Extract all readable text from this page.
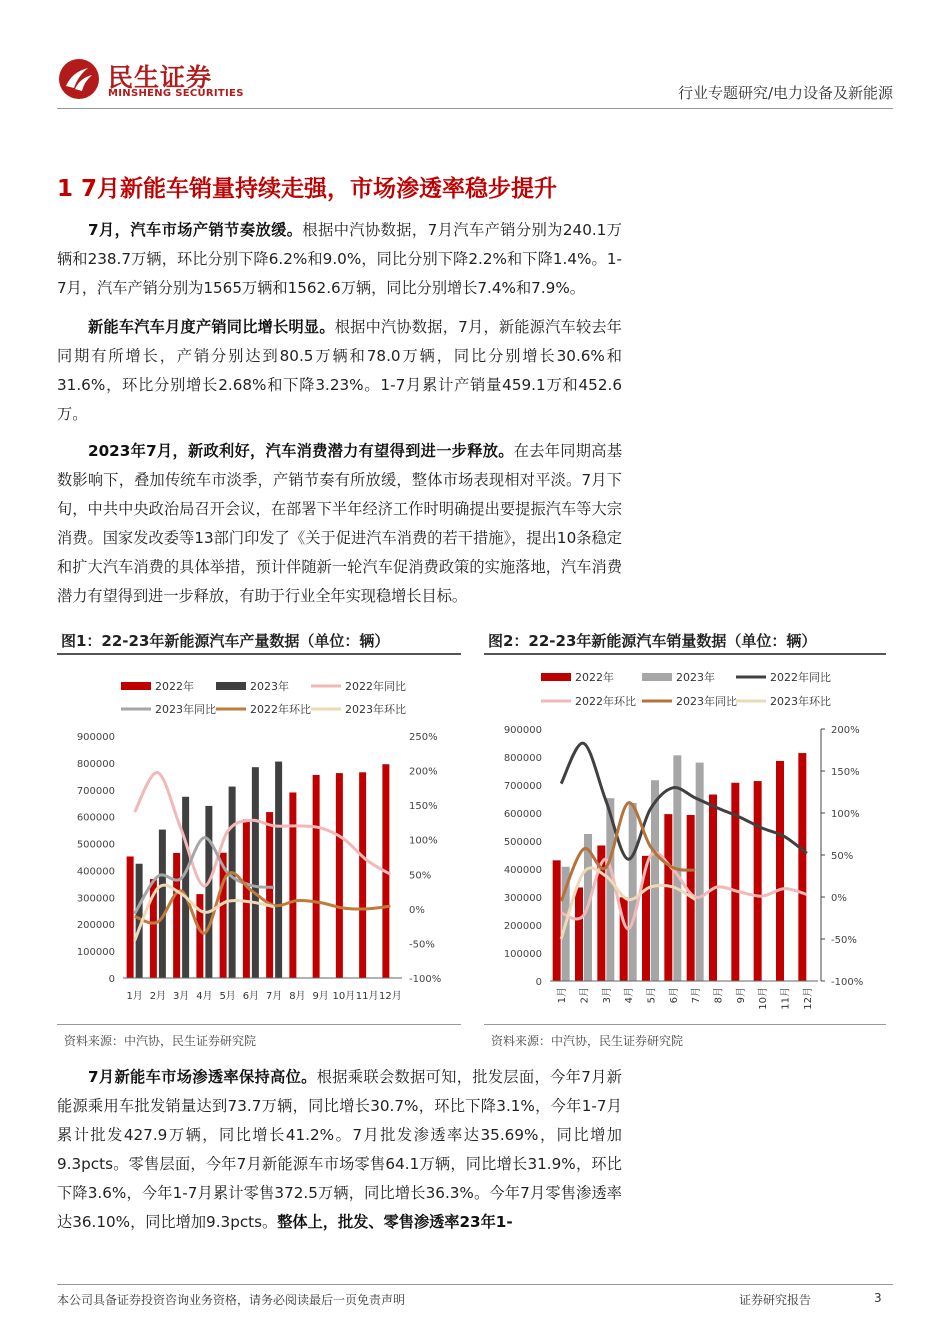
民生证券
MINSHENG SECURITIES	行业专题研究/电力设备及新能源
1 7月新能车销量持续走强，市场渗透率稳步提升

7月，汽车市场产销节奏放缓。根据中汽协数据，7月汽车产销分别为240.1万辆和238.7万辆，环比分别下降6.2%和9.0%，同比分别下降2.2%和下降1.4%。1-7月，汽车产销分别为1565万辆和1562.6万辆，同比分别增长7.4%和7.9%。

新能车汽车月度产销同比增长明显。根据中汽协数据，7月，新能源汽车较去年同期有所增长，产销分别达到80.5万辆和78.0万辆，同比分别增长30.6%和31.6%，环比分别增长2.68%和下降3.23%。1-7月累计产销量459.1万和452.6万。

2023年7月，新政利好，汽车消费潜力有望得到进一步释放。在去年同期高基数影响下，叠加传统车市淡季，产销节奏有所放缓，整体市场表现相对平淡。7月下旬，中共中央政治局召开会议，在部署下半年经济工作时明确提出要提振汽车等大宗消费。国家发改委等13部门印发了《关于促进汽车消费的若干措施》，提出10条稳定和扩大汽车消费的具体举措，预计伴随新一轮汽车促消费政策的实施落地，汽车消费潜力有望得到进一步释放，有助于行业全年实现稳增长目标。

图1：22-23年新能源汽车产量数据（单位：辆）
2022年	2023年	2022年同比
2023年同比	2022年环比	2023年环比
0
100000
200000
300000
400000
500000
600000
700000
800000
900000
-100%
-50%
0%
50%
100%
150%
200%
250%
1月 2月 3月 4月 5月 6月 7月 8月 9月 10月 11月 12月
资料来源：中汽协，民生证券研究院
图2：22-23年新能源汽车销量数据（单位：辆）
2022年	2023年	2022年同比
2022年环比	2023年同比	2023年环比
0
100000
200000
300000
400000
500000
600000
700000
800000
900000
-100%
-50%
0%
50%
100%
150%
200%
1月 2月 3月 4月 5月 6月 7月 8月 9月 10月 11月 12月
资料来源：中汽协，民生证券研究院

7月新能车市场渗透率保持高位。根据乘联会数据可知，批发层面，今年7月新能源乘用车批发销量达到73.7万辆，同比增长30.7%，环比下降3.1%，今年1-7月累计批发427.9万辆，同比增长41.2%。7月批发渗透率达35.69%，同比增加9.3pcts。零售层面，今年7月新能源车市场零售64.1万辆，同比增长31.9%，环比下降3.6%，今年1-7月累计零售372.5万辆，同比增长36.3%。今年7月零售渗透率达36.10%，同比增加9.3pcts。整体上，批发、零售渗透率23年1-

本公司具备证券投资咨询业务资格，请务必阅读最后一页免责声明	证券研究报告	3
